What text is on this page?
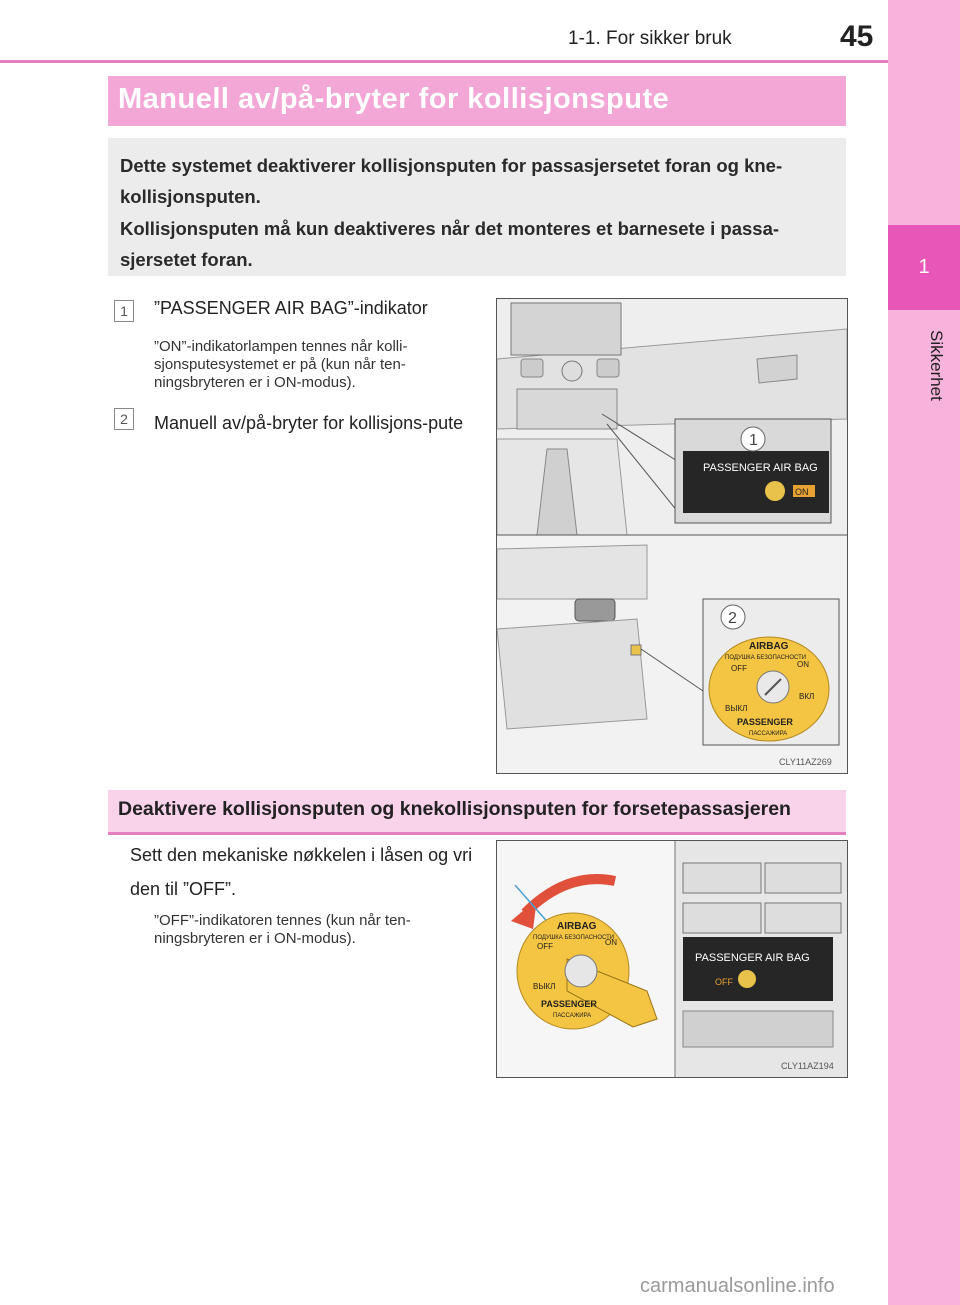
1-1. For sikker bruk	45
1
Sikkerhet
Manuell av/på-bryter for kollisjonspute

Dette systemet deaktiverer kollisjonsputen for passasjersetet foran og kne-kollisjonsputen.

Kollisjonsputen må kun deaktiveres når det monteres et barnesete i passa-sjersetet foran.

1	”PASSENGER AIR BAG”-indikator
”ON”-indikatorlampen tennes når kolli-sjonsputesystemet er på (kun når ten-ningsbryteren er i ON-modus).
2	Manuell av/på-bryter for kollisjons-pute
1
PASSENGER AIR BAG
ON
2
AIRBAG
ПОДУШКА БЕЗОПАСНОСТИ
OFF	ON
ВЫКЛ
ВКЛ
PASSENGER
ПАССАЖИРА
CLY11AZ269
Deaktivere kollisjonsputen og knekollisjonsputen for forsetepassasjeren
Sett den mekaniske nøkkelen i låsen og vri den til ”OFF”.
”OFF”-indikatoren tennes (kun når ten-ningsbryteren er i ON-modus).
PASSENGER AIR BAG
OFF
AIRBAG
ПОДУШКА БЕЗОПАСНОСТИ
OFF	ON
ВЫКЛ
PASSENGER
ПАССАЖИРА
CLY11AZ194
carmanualsonline.info
